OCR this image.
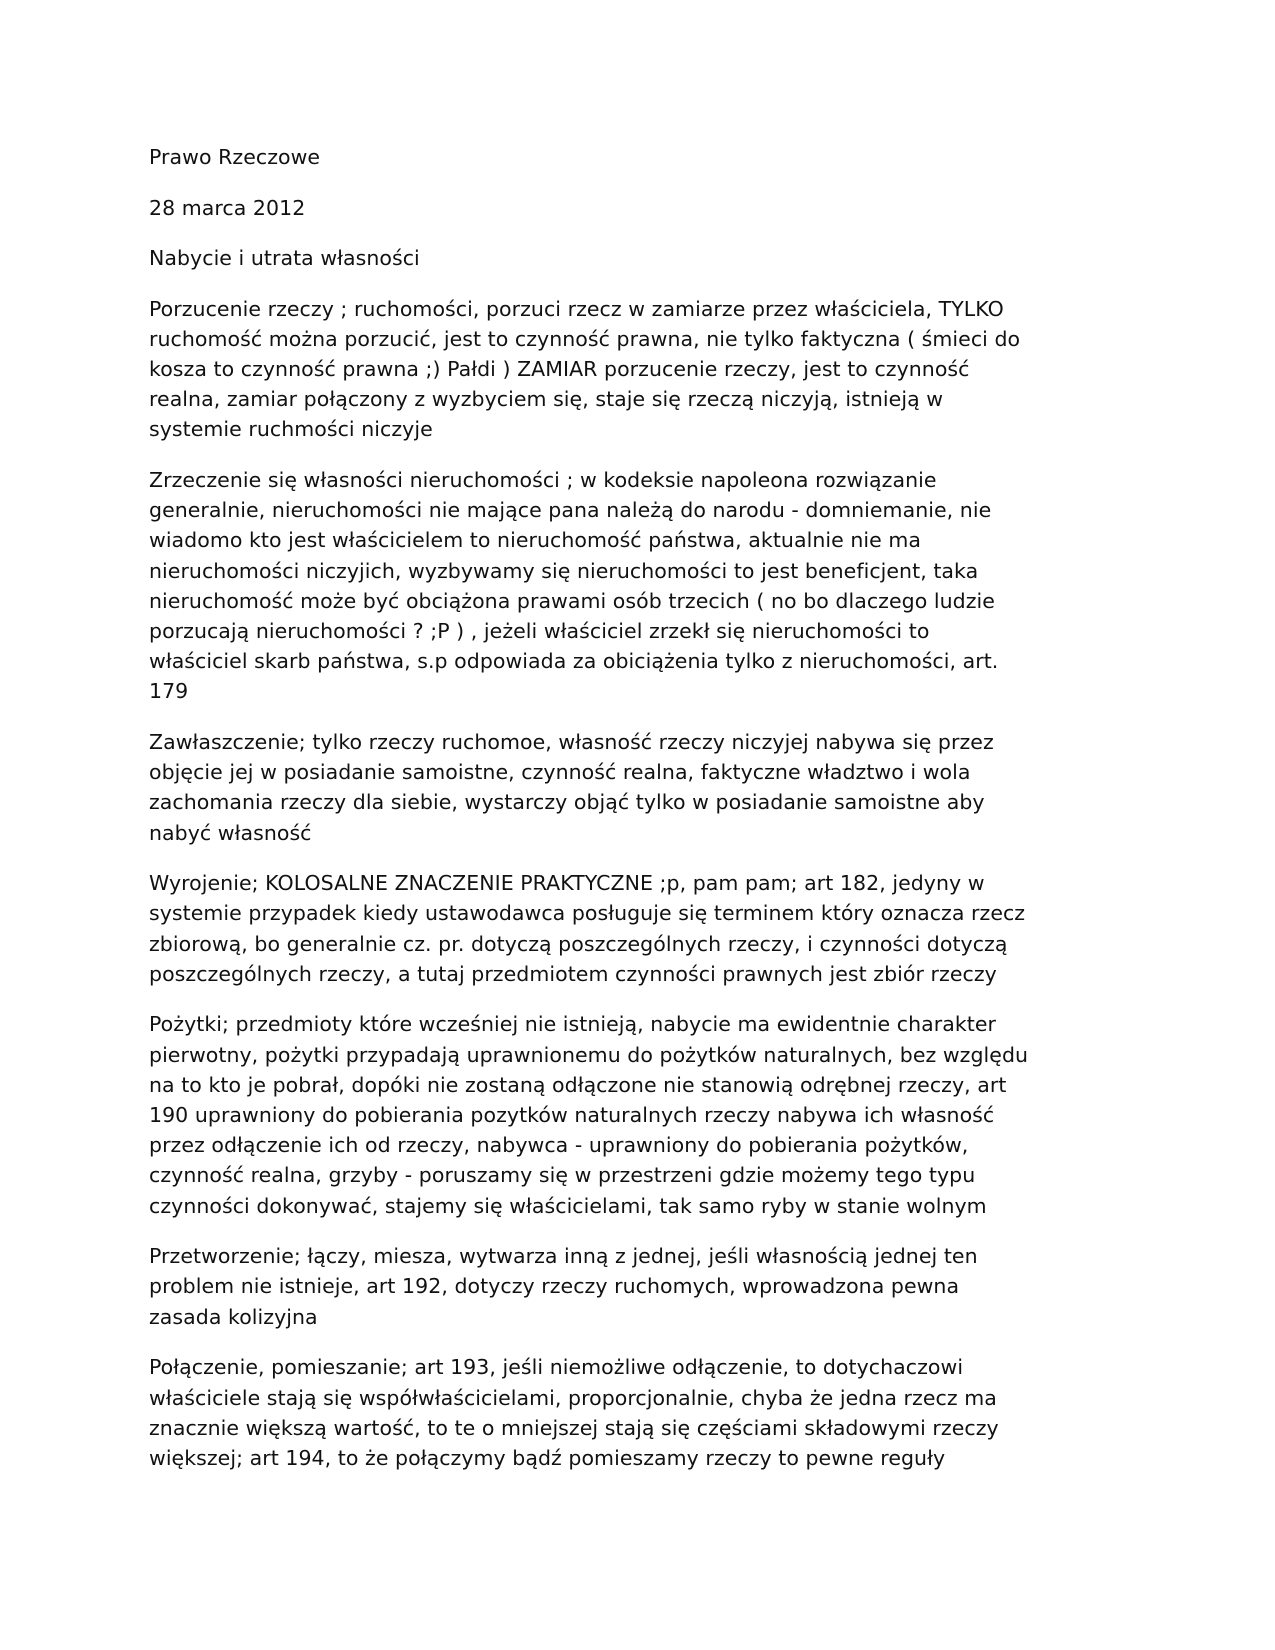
Prawo Rzeczowe

28 marca 2012

Nabycie i utrata własności

Porzucenie rzeczy ; ruchomości, porzuci rzecz w zamiarze przez właściciela, TYLKO
ruchomość można porzucić, jest to czynność prawna, nie tylko faktyczna ( śmieci do
kosza to czynność prawna ;) Pałdi ) ZAMIAR porzucenie rzeczy, jest to czynność
realna, zamiar połączony z wyzbyciem się, staje się rzeczą niczyją, istnieją w
systemie ruchmości niczyje

Zrzeczenie się własności nieruchomości ; w kodeksie napoleona rozwiązanie
generalnie, nieruchomości nie mające pana należą do narodu - domniemanie, nie
wiadomo kto jest właścicielem to nieruchomość państwa, aktualnie nie ma
nieruchomości niczyjich, wyzbywamy się nieruchomości to jest beneficjent, taka
nieruchomość może być obciążona prawami osób trzecich ( no bo dlaczego ludzie
porzucają nieruchomości ? ;P ) , jeżeli właściciel zrzekł się nieruchomości to
właściciel skarb państwa, s.p odpowiada za obiciążenia tylko z nieruchomości, art.
179

Zawłaszczenie; tylko rzeczy ruchomoe, własność rzeczy niczyjej nabywa się przez
objęcie jej w posiadanie samoistne, czynność realna, faktyczne władztwo i wola
zachomania rzeczy dla siebie, wystarczy objąć tylko w posiadanie samoistne aby
nabyć własność

Wyrojenie; KOLOSALNE ZNACZENIE PRAKTYCZNE ;p, pam pam; art 182, jedyny w
systemie przypadek kiedy ustawodawca posługuje się terminem który oznacza rzecz
zbiorową, bo generalnie cz. pr. dotyczą poszczególnych rzeczy, i czynności dotyczą
poszczególnych rzeczy, a tutaj przedmiotem czynności prawnych jest zbiór rzeczy

Pożytki; przedmioty które wcześniej nie istnieją, nabycie ma ewidentnie charakter
pierwotny, pożytki przypadają uprawnionemu do pożytków naturalnych, bez względu
na to kto je pobrał, dopóki nie zostaną odłączone nie stanowią odrębnej rzeczy, art
190 uprawniony do pobierania pozytków naturalnych rzeczy nabywa ich własność
przez odłączenie ich od rzeczy, nabywca - uprawniony do pobierania pożytków,
czynność realna, grzyby - poruszamy się w przestrzeni gdzie możemy tego typu
czynności dokonywać, stajemy się właścicielami, tak samo ryby w stanie wolnym

Przetworzenie; łączy, miesza, wytwarza inną z jednej, jeśli własnością jednej ten
problem nie istnieje, art 192, dotyczy rzeczy ruchomych, wprowadzona pewna
zasada kolizyjna

Połączenie, pomieszanie; art 193, jeśli niemożliwe odłączenie, to dotychaczowi
właściciele stają się współwłaścicielami, proporcjonalnie, chyba że jedna rzecz ma
znacznie większą wartość, to te o mniejszej stają się częściami składowymi rzeczy
większej; art 194, to że połączymy bądź pomieszamy rzeczy to pewne reguły
